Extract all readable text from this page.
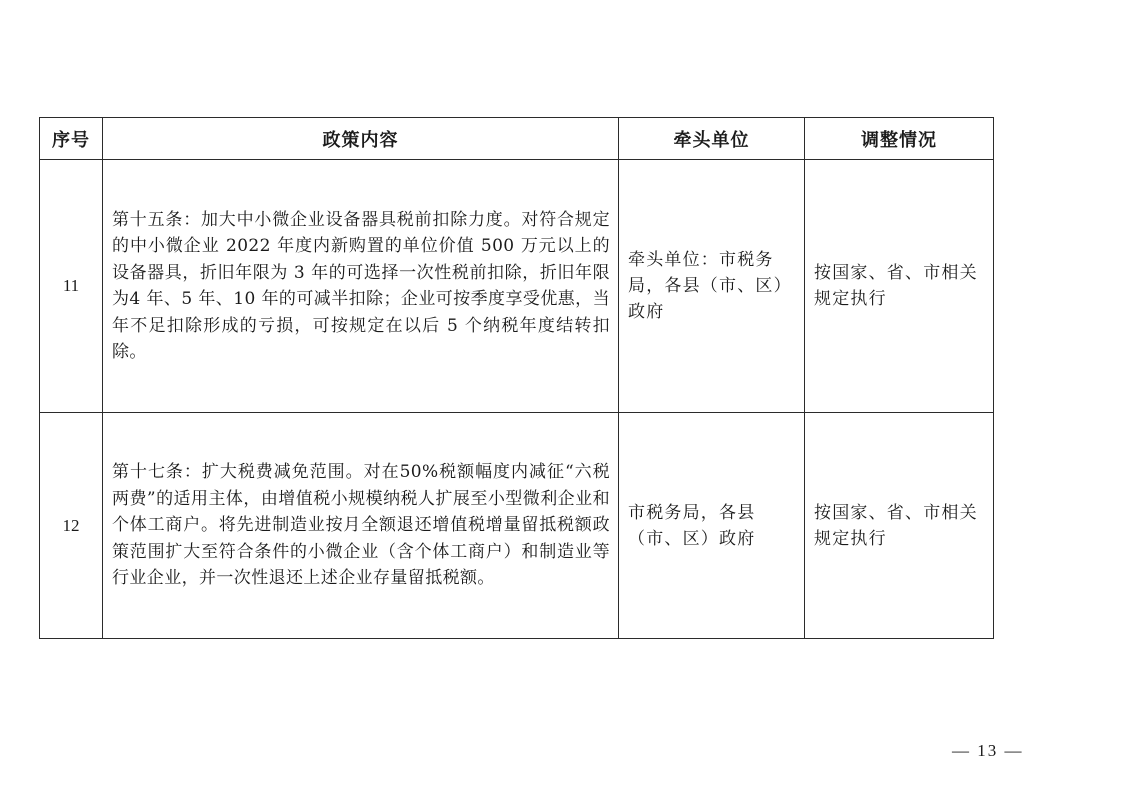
序号	政策内容	牵头单位	调整情况
11	第十五条：加大中小微企业设备器具税前扣除力度。对符合规定的中小微企业 2022 年度内新购置的单位价值 500 万元以上的设备器具，折旧年限为 3 年的可选择一次性税前扣除，折旧年限为4 年、5 年、10 年的可减半扣除；企业可按季度享受优惠，当年不足扣除形成的亏损，可按规定在以后 5 个纳税年度结转扣除。	牵头单位：市税务局，各县（市、区）政府	按国家、省、市相关规定执行

12	第十七条：扩大税费减免范围。对在50%税额幅度内减征“六税两费”的适用主体，由增值税小规模纳税人扩展至小型微利企业和个体工商户。将先进制造业按月全额退还增值税增量留抵税额政策范围扩大至符合条件的小微企业（含个体工商户）和制造业等行业企业，并一次性退还上述企业存量留抵税额。	市税务局，各县（市、区）政府	按国家、省、市相关规定执行
— 13 —
